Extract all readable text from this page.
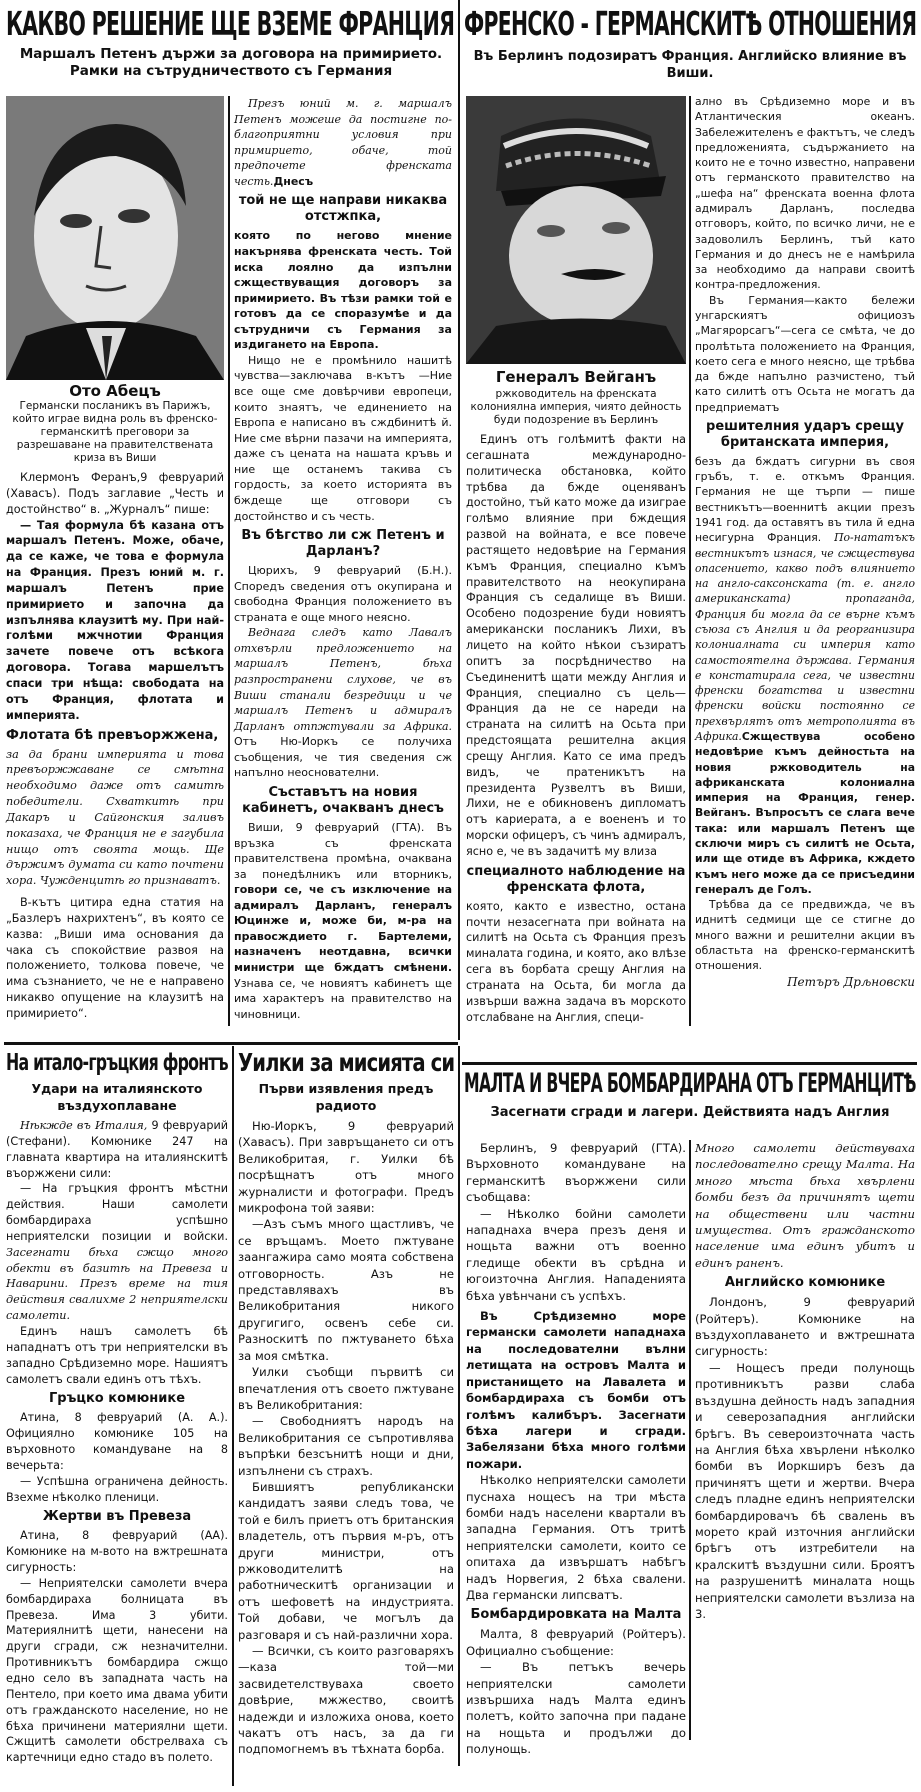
КАКВО РЕШЕНИЕ ЩЕ ВЗЕМЕ ФРАНЦИЯ
Маршалъ Петенъ държи за договора на примирието. Рамки на сътрудничеството съ Германия
Ото Абецъ
Германски посланикъ въ Парижъ, който играе видна роль въ френско-германскитѣ преговори за разрешаване на правителствената криза въ Виши

Клермонъ Феранъ,9 февруарий (Хавасъ). Подъ заглавие „Честь и достойнство“ в. „Журналъ“ пише:

— Тая формула бѣ казана отъ маршалъ Петенъ. Може, обаче, да се каже, че това е формула на Франция. Презъ юний м. г. маршалъ Петенъ прие примирието и започна да изпълнява клаузитѣ му. При най-голѣми мжчнотии Франция зачете повече отъ всѣкога договора. Тогава маршелътъ спаси три нѣща: свободата на отъ Франция, флотата и империята.

Флотата бѣ превъоржжена,

за да брани империята и това превъоржжаване се смѣтна необходимо даже отъ самитѣ победители. Схваткитѣ при Дакаръ и Сайгонския заливъ показаха, че Франция не е загубила нищо отъ своята мощь. Ще държимъ думата си като почтени хора. Чужденцитѣ го признаватъ.

В-кътъ цитира една статия на „Базлеръ нахрихтенъ“, въ която се казва: „Виши има основания да чака съ спокойствие развоя на положението, толкова повече, че има съзнанието, че не е направено никакво опущение на клаузитѣ на примирието“.

Презъ юний м. г. маршалъ Петенъ можеше да постигне по-благоприятни условия при примирието, обаче, той предпочете френската честь.Днесъ

той не ще направи никаква отстжпка,

която по негово мнение накърнява френската честь. Той иска лоялно да изпълни сжществуващия договоръ за примирието. Въ тѣзи рамки той е готовъ да се споразумѣе и да сътрудничи съ Германия за издигането на Европа.

Нищо не е промѣнило нашитѣ чувства—заключава в-кътъ —Ние все още сме довѣрчиви европеци, които знаятъ, че единението на Европа е написано въ сждбинитѣ й. Ние сме вѣрни пазачи на империята, даже съ цената на нашата кръвь и ние ще останемъ такива съ гордость, за което историята въ бждеще ще отговори съ достойнство и съ честь.

Въ бѣгство ли сж Петенъ и Дарланъ?

Цюрихъ, 9 февруарий (Б.Н.). Споредъ сведения отъ окупирана и свободна Франция положението въ страната е още много неясно.

Веднага следъ като Лавалъ отхвърли предложението на маршалъ Петенъ, бѣха разпространени слухове, че въ Виши станали безредици и че маршалъ Петенъ и адмиралъ Дарланъ отпжтували за Африка. Отъ Ню-Иоркъ се получиха съобщения, че тия сведения сж напълно неоснователни.

Съставътъ на новия кабинетъ, очакванъ днесъ

Виши, 9 февруарий (ГТА). Въ връзка съ френската правителствена промѣна, очаквана за понедѣлникъ или вторникъ, говори се, че съ изключение на адмиралъ Дарланъ, генералъ Юцинже и, може би, м-ра на правосждието г. Бартелеми, назначенъ неотдавна, всички министри ще бждатъ смѣнени. Узнава се, че новиятъ кабинетъ ще има характеръ на правителство на чиновници.

ФРЕНСКО - ГЕРМАНСКИТѢ ОТНОШЕНИЯ
Въ Берлинъ подозиратъ Франция. Английско влияние въ Виши.
Генералъ Вейганъ
ржководитель на френската колониялна империя, чиято дейность буди подозрение въ Берлинъ

Единъ отъ голѣмитѣ факти на сегашната международно-политическа обстановка, който трѣбва да бжде оценяванъ достойно, тъй като може да изиграе голѣмо влияние при бждещия развой на войната, е все повече растящето недовѣрие на Германия къмъ Франция, специално къмъ правителството на неокупирана Франция съ седалище въ Виши. Особено подозрение буди новиятъ американски посланикъ Лихи, въ лицето на който нѣкои съзиратъ опитъ за посрѣдничество на Съединенитѣ щати между Англия и Франция, специално съ цель—Франция да не се нареди на страната на силитѣ на Осьта при предстоящата решителна акция срещу Англия. Като се има предъ видъ, че пратеникътъ на президента Рузвелтъ въ Виши, Лихи, не е обикновенъ дипломатъ отъ кариерата, а е воененъ и то морски офицеръ, съ чинъ адмиралъ, ясно е, че въ задачитѣ му влиза

специалното наблюдение на френската флота,

която, както е известно, остана почти незасегната при войната на силитѣ на Осьта съ Франция презъ миналата година, и която, ако влѣзе сега въ борбата срещу Англия на страната на Осьта, би могла да извърши важна задача въ морското отслабване на Англия, специ-

ално въ Срѣдиземно море и въ Атлантическия океанъ. Забележителенъ е фактътъ, че следъ предложенията, съдържанието на които не е точно известно, направени отъ германското правителство на „шефа на“ френската военна флота адмиралъ Дарланъ, последва отговоръ, който, по всичко личи, не е задоволилъ Берлинъ, тъй като Германия и до днесъ не е намѣрила за необходимо да направи своитѣ контра-предложения.

Въ Германия—както бележи унгарскиятъ официозъ „Магярорсагъ“—сега се смѣта, че до пролѣтьта положението на Франция, което сега е много неясно, ще трѣбва да бжде напълно разчистено, тъй като силитѣ отъ Осьта не могатъ да предприематъ

решителния ударъ срещу британската империя,

безъ да бждатъ сигурни въ своя гръбъ, т. е. откъмъ Франция. Германия не ще търпи — пише вестникътъ—военнитѣ акции презъ 1941 год. да оставятъ въ тила й една несигурна Франция. По-нататъкъ вестникътъ изнася, че сжществува опасението, какво подъ влиянието на англо-саксонската (т. е. англо американската) пропаганда, Франция би могла да се върне къмъ съюза съ Англия и да реорганизира колониалната си империя като самостоятелна държава. Германия е констатирала сега, че известни френски богатства и известни френски войски постоянно се прехвърлятъ отъ метрополията въ Африка.Сжществува особено недовѣрие къмъ дейностьта на новия ржководитель на африканската колониална империя на Франция, генер. Вейганъ. Въпросътъ се слага вече така: или маршалъ Петенъ ще сключи миръ съ силитѣ не Осьта, или ще отиде въ Африка, кждето къмъ него може да се присъедини генералъ де Голъ.

Трѣбва да се предвижда, че въ иднитѣ седмици ще се стигне до много важни и решителни акции въ областьта на френско-германскитѣ отношения.

Петъръ Дрљновски
На итало-гръцкия фронтъ
Удари на италиянското въздухоплаване

Нѣкжде въ Италия, 9 февруарий (Стефани). Комюнике 247 на главната квартира на италиянскитѣ въоржжени сили:

— На гръцкия фронтъ мѣстни действия. Наши самолети бомбардираха успѣшно неприятелски позиции и войски. Засегнати бѣха сжщо много обекти въ базитѣ на Превеза и Наварини. Презъ време на тия действия свалихме 2 неприятелски самолети.

Единъ нашъ самолетъ бѣ нападнатъ отъ три неприятелски въ западно Срѣдиземно море. Нашиятъ самолетъ свали единъ отъ тѣхъ.

Гръцко комюнике

Атина, 8 февруарий (А. А.). Официялно комюнике 105 на върховното командуване на 8 вечерьта:

— Успѣшна ограничена дейность. Взехме нѣколко пленици.

Жертви въ Превеза

Атина, 8 февруарий (АА). Комюнике на м-вото на вжтрешната сигурность:

— Неприятелски самолети вчера бомбардираха болницата въ Превеза. Има 3 убити. Материялнитѣ щети, нанесени на други сгради, сж незначителни. Противникътъ бомбардира сжщо едно село въ западната часть на Пентело, при което има двама убити отъ гражданското население, но не бѣха причинени материялни щети. Сжщитѣ самолети обстрелваха съ картечници едно стадо въ полето.

Уилки за мисията си
Първи изявления предъ радиото

Ню-Иоркъ, 9 февруарий (Хавасъ). При завръщането си отъ Великобритая, г. Уилки бѣ посрѣщнатъ отъ много журналисти и фотографи. Предъ микрофона той заяви:

—Азъ съмъ много щастливъ, че се връщамъ. Моето пжтуване заангажира само моята собствена отговорность. Азъ не представлявахъ въ Великобритания никого другигиго, освенъ себе си. Разноскитѣ по пжтуването бѣха за моя смѣтка.

Уилки съобщи първитѣ си впечатления отъ своето пжтуване въ Великобритания:

— Свободниятъ народъ на Великобритания се съпротивлява въпрѣки безсънитѣ нощи и дни, изпълнени съ страхъ.

Бившиятъ републикански кандидатъ заяви следъ това, че той е билъ приетъ отъ британския владетель, отъ първия м-ръ, отъ други министри, отъ ржководителитѣ на работническитѣ организации и отъ шефоветѣ на индустрията. Той добави, че могълъ да разговаря и съ най-различни хора.

— Всички, съ които разговаряхъ—каза той—ми засвидетелствуваха своето довѣрие, мжжество, своитѣ надежди и изложиха онова, което чакатъ отъ насъ, за да ги подпомогнемъ въ тѣхната борба.

МАЛТА И ВЧЕРА БОМБАРДИРАНА ОТЪ ГЕРМАНЦИТѢ
Засегнати сгради и лагери. Действията надъ Англия

Берлинъ, 9 февруарий (ГТА). Върховното командуване на германскитѣ въоржжени сили съобщава:

— Нѣколко бойни самолети нападнаха вчера презъ деня и нощьта важни отъ военно гледище обекти въ срѣдна и югоизточна Англия. Нападенията бѣха увѣнчани съ успѣхъ.

Въ Срѣдиземно море германски самолети нападнаха на последователни вълни летищата на островъ Малта и пристанището на Лавалета и бомбардираха съ бомби отъ голѣмъ калибъръ. Засегнати бѣха лагери и сгради. Забелязани бѣха много голѣми пожари.

Нѣколко неприятелски самолети пуснаха нощесъ на три мѣста бомби надъ населени квартали въ западна Германия. Отъ тритѣ неприятелски самолети, които се опитаха да извършатъ набѣгъ надъ Норвегия, 2 бѣха свалени. Два германски липсватъ.

Бомбардировката на Малта

Малта, 8 февруарий (Ройтеръ). Официално съобщение:

— Въ петъкъ вечерь неприятелски самолети извършиха надъ Малта единъ полетъ, който започна при падане на нощьта и продължи до полунощь.

Много самолети действуваха последователно срещу Малта. На много мѣста бѣха хвърлени бомби безъ да причинятъ щети на обществени или частни имущества. Отъ гражданското население има единъ убитъ и единъ раненъ.

Английско комюнике

Лондонъ, 9 февруарий (Ройтеръ). Комюнике на въздухоплаването и вжтрешната сигурность:

— Нощесъ преди полунощь противникътъ разви слаба въздушна дейность надъ западния и северозападния английски брѣгъ. Въ североизточната часть на Англия бѣха хвърлени нѣколко бомби въ Иоркширъ безъ да причинятъ щети и жертви. Вчера следъ пладне единъ неприятелски бомбардировачъ бѣ свалень въ морето край източния английски брѣгъ отъ изтребители на кралскитѣ въздушни сили. Броятъ на разрушенитѣ миналата нощь неприятелски самолети възлиза на 3.
